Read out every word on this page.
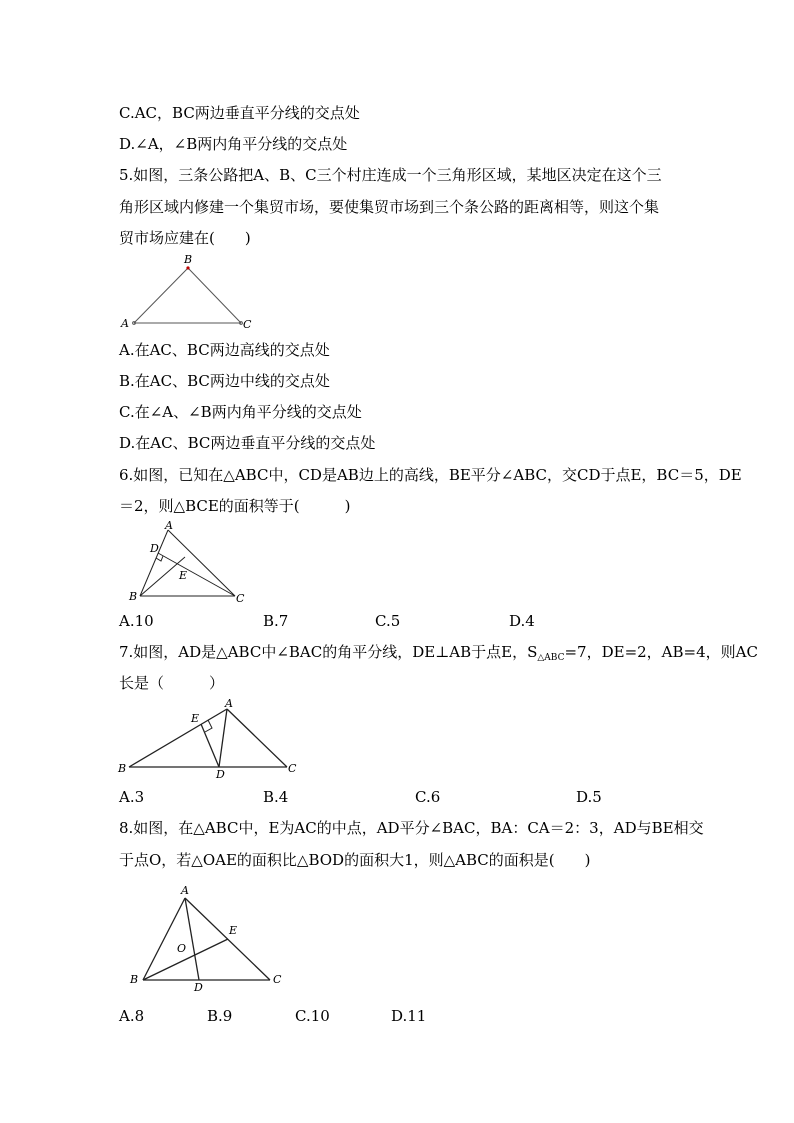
C.AC，BC两边垂直平分线的交点处
D.∠A，∠B两内角平分线的交点处
5.如图，三条公路把A、B、C三个村庄连成一个三角形区域，某地区决定在这个三
角形区域内修建一个集贸市场，要使集贸市场到三个条公路的距离相等，则这个集
贸市场应建在(　　)
B
A	C
A.在AC、BC两边高线的交点处
B.在AC、BC两边中线的交点处
C.在∠A、∠B两内角平分线的交点处
D.在AC、BC两边垂直平分线的交点处
6.如图，已知在△ABC中，CD是AB边上的高线，BE平分∠ABC，交CD于点E，BC＝5，DE
＝2，则△BCE的面积等于(　　　)
A
D
E
B	C
A.10	B.7	C.5	D.4
7.如图，AD是△ABC中∠BAC的角平分线，DE⊥AB于点E，$S_{\triangle ABC}=7$，DE=2，AB=4，则AC
长是（　　　）
A
E
B	D	C
A.3	B.4	C.6	D.5
8.如图，在△ABC中，E为AC的中点，AD平分∠BAC，BA：CA＝2：3，AD与BE相交
于点O，若△OAE的面积比△BOD的面积大1，则△ABC的面积是(　　)
A
E
O
B
D
C
A.8	B.9	C.10	D.11
